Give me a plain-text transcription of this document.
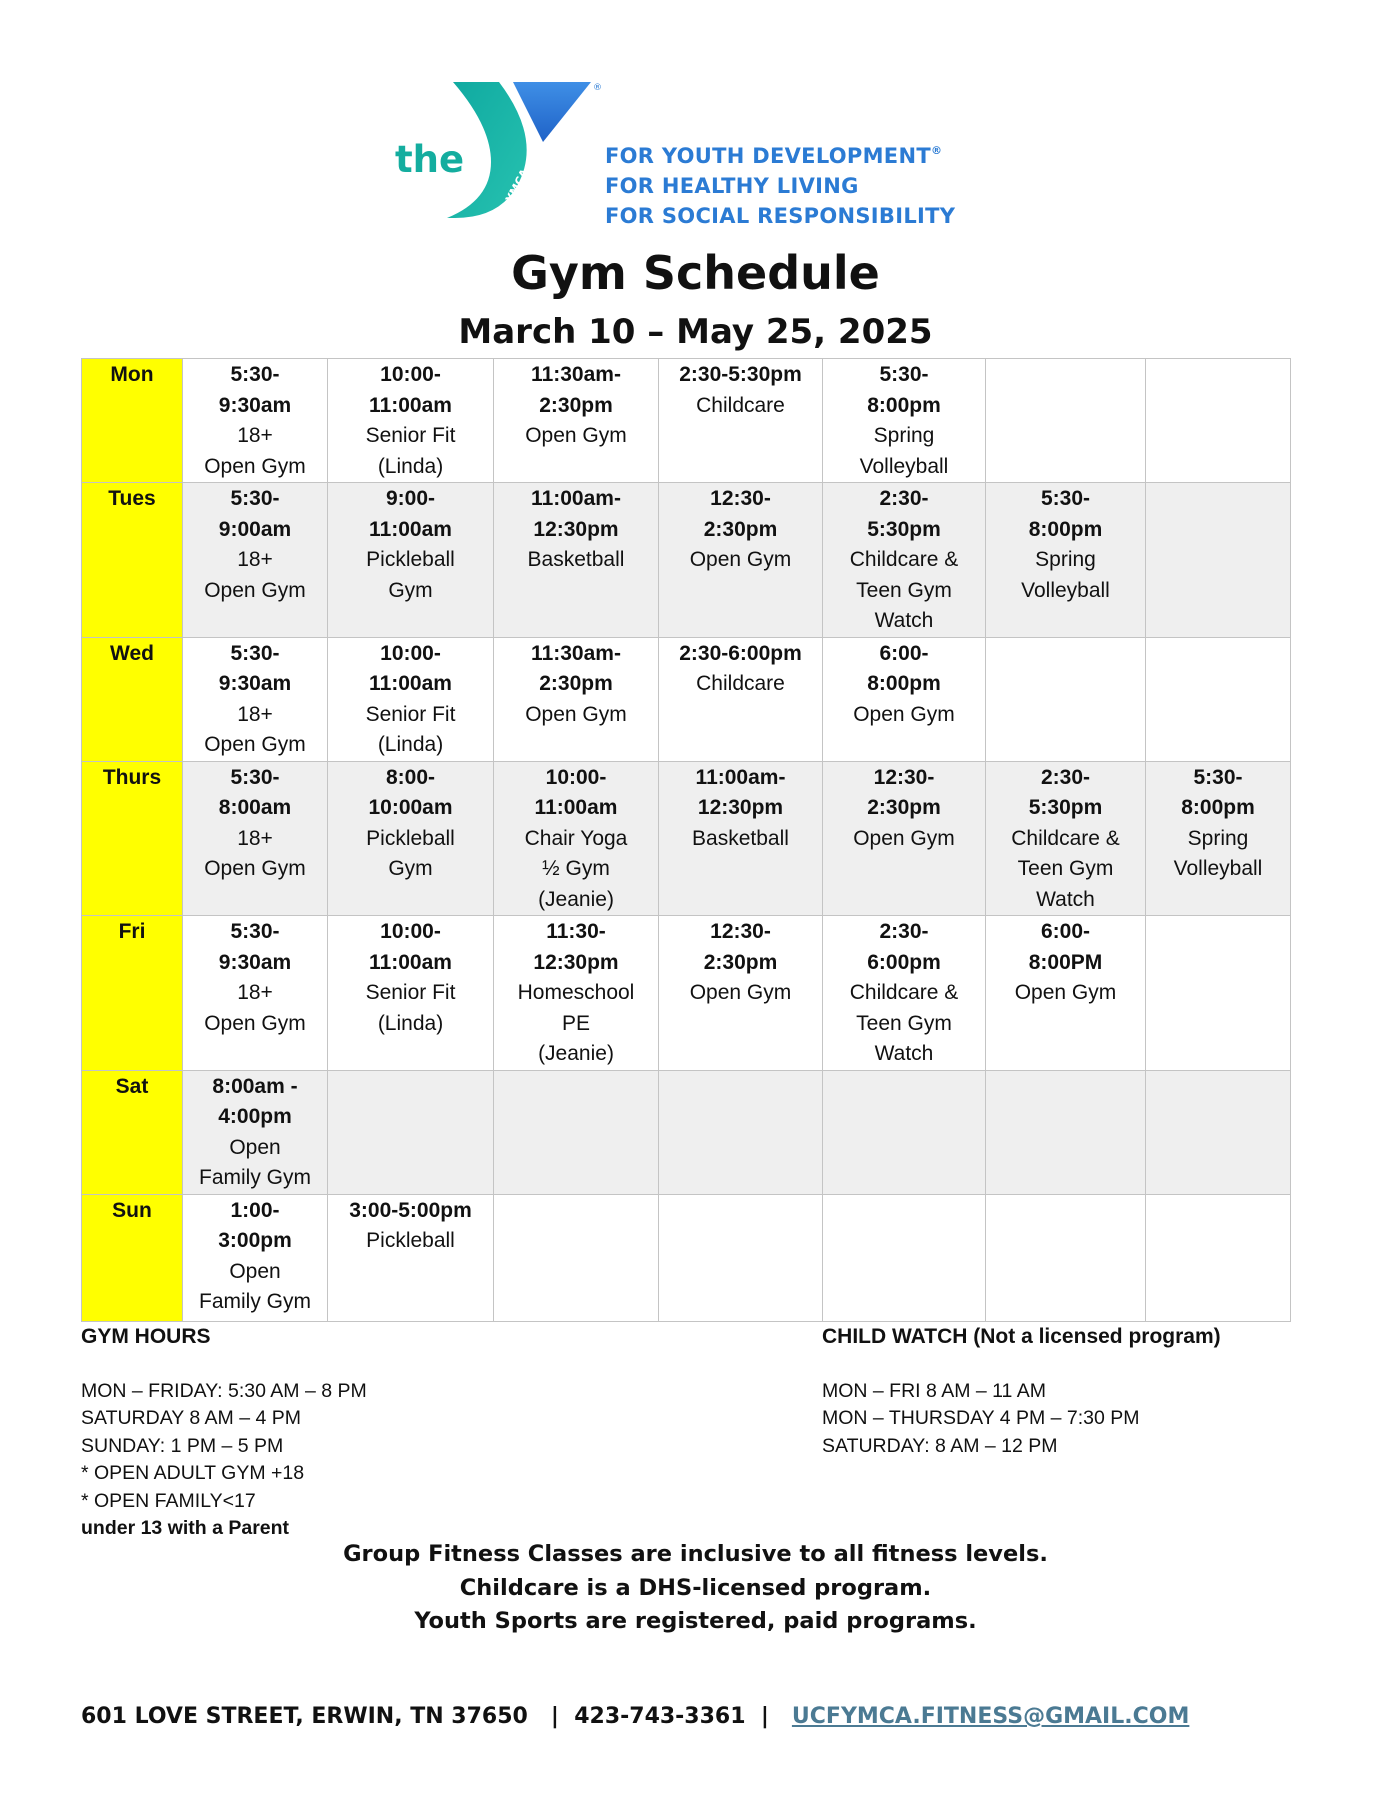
YMCA
®
the	FOR YOUTH DEVELOPMENT®
FOR HEALTHY LIVING
FOR SOCIAL RESPONSIBILITY
Gym Schedule
March 10 – May 25, 2025
Mon	5:30-
9:30am
18+
Open Gym	10:00-
11:00am
Senior Fit
(Linda)	11:30am-
2:30pm
Open Gym	2:30-5:30pm
Childcare	5:30-
8:00pm
Spring
Volleyball		

Tues	5:30-
9:00am
18+
Open Gym	9:00-
11:00am
Pickleball
Gym	11:00am-
12:30pm
Basketball	12:30-
2:30pm
Open Gym	2:30-
5:30pm
Childcare &
Teen Gym
Watch	5:30-
8:00pm
Spring
Volleyball	

Wed	5:30-
9:30am
18+
Open Gym	10:00-
11:00am
Senior Fit
(Linda)	11:30am-
2:30pm
Open Gym	2:30-6:00pm
Childcare	6:00-
8:00pm
Open Gym		

Thurs	5:30-
8:00am
18+
Open Gym	8:00-
10:00am
Pickleball
Gym	10:00-
11:00am
Chair Yoga
½ Gym
(Jeanie)	11:00am-
12:30pm
Basketball	12:30-
2:30pm
Open Gym	2:30-
5:30pm
Childcare &
Teen Gym
Watch	5:30-
8:00pm
Spring
Volleyball

Fri	5:30-
9:30am
18+
Open Gym	10:00-
11:00am
Senior Fit
(Linda)	11:30-
12:30pm
Homeschool
PE
(Jeanie)	12:30-
2:30pm
Open Gym	2:30-
6:00pm
Childcare &
Teen Gym
Watch	6:00-
8:00PM
Open Gym	

Sat	8:00am -
4:00pm
Open
Family Gym						

Sun	1:00-
3:00pm
Open
Family Gym	3:00-5:00pm
Pickleball					

GYM HOURS
MON – FRIDAY: 5:30 AM – 8 PM
SATURDAY 8 AM – 4 PM
SUNDAY: 1 PM – 5 PM
* OPEN ADULT GYM +18
* OPEN FAMILY<17
under 13 with a Parent
CHILD WATCH (Not a licensed program)
MON – FRI 8 AM – 11 AM
MON – THURSDAY 4 PM – 7:30 PM
SATURDAY: 8 AM – 12 PM
Group Fitness Classes are inclusive to all fitness levels.
Childcare is a DHS-licensed program.
Youth Sports are registered, paid programs.
601 LOVE STREET, ERWIN, TN 37650 | 423-743-3361 | UCFYMCA.FITNESS@GMAIL.COM
